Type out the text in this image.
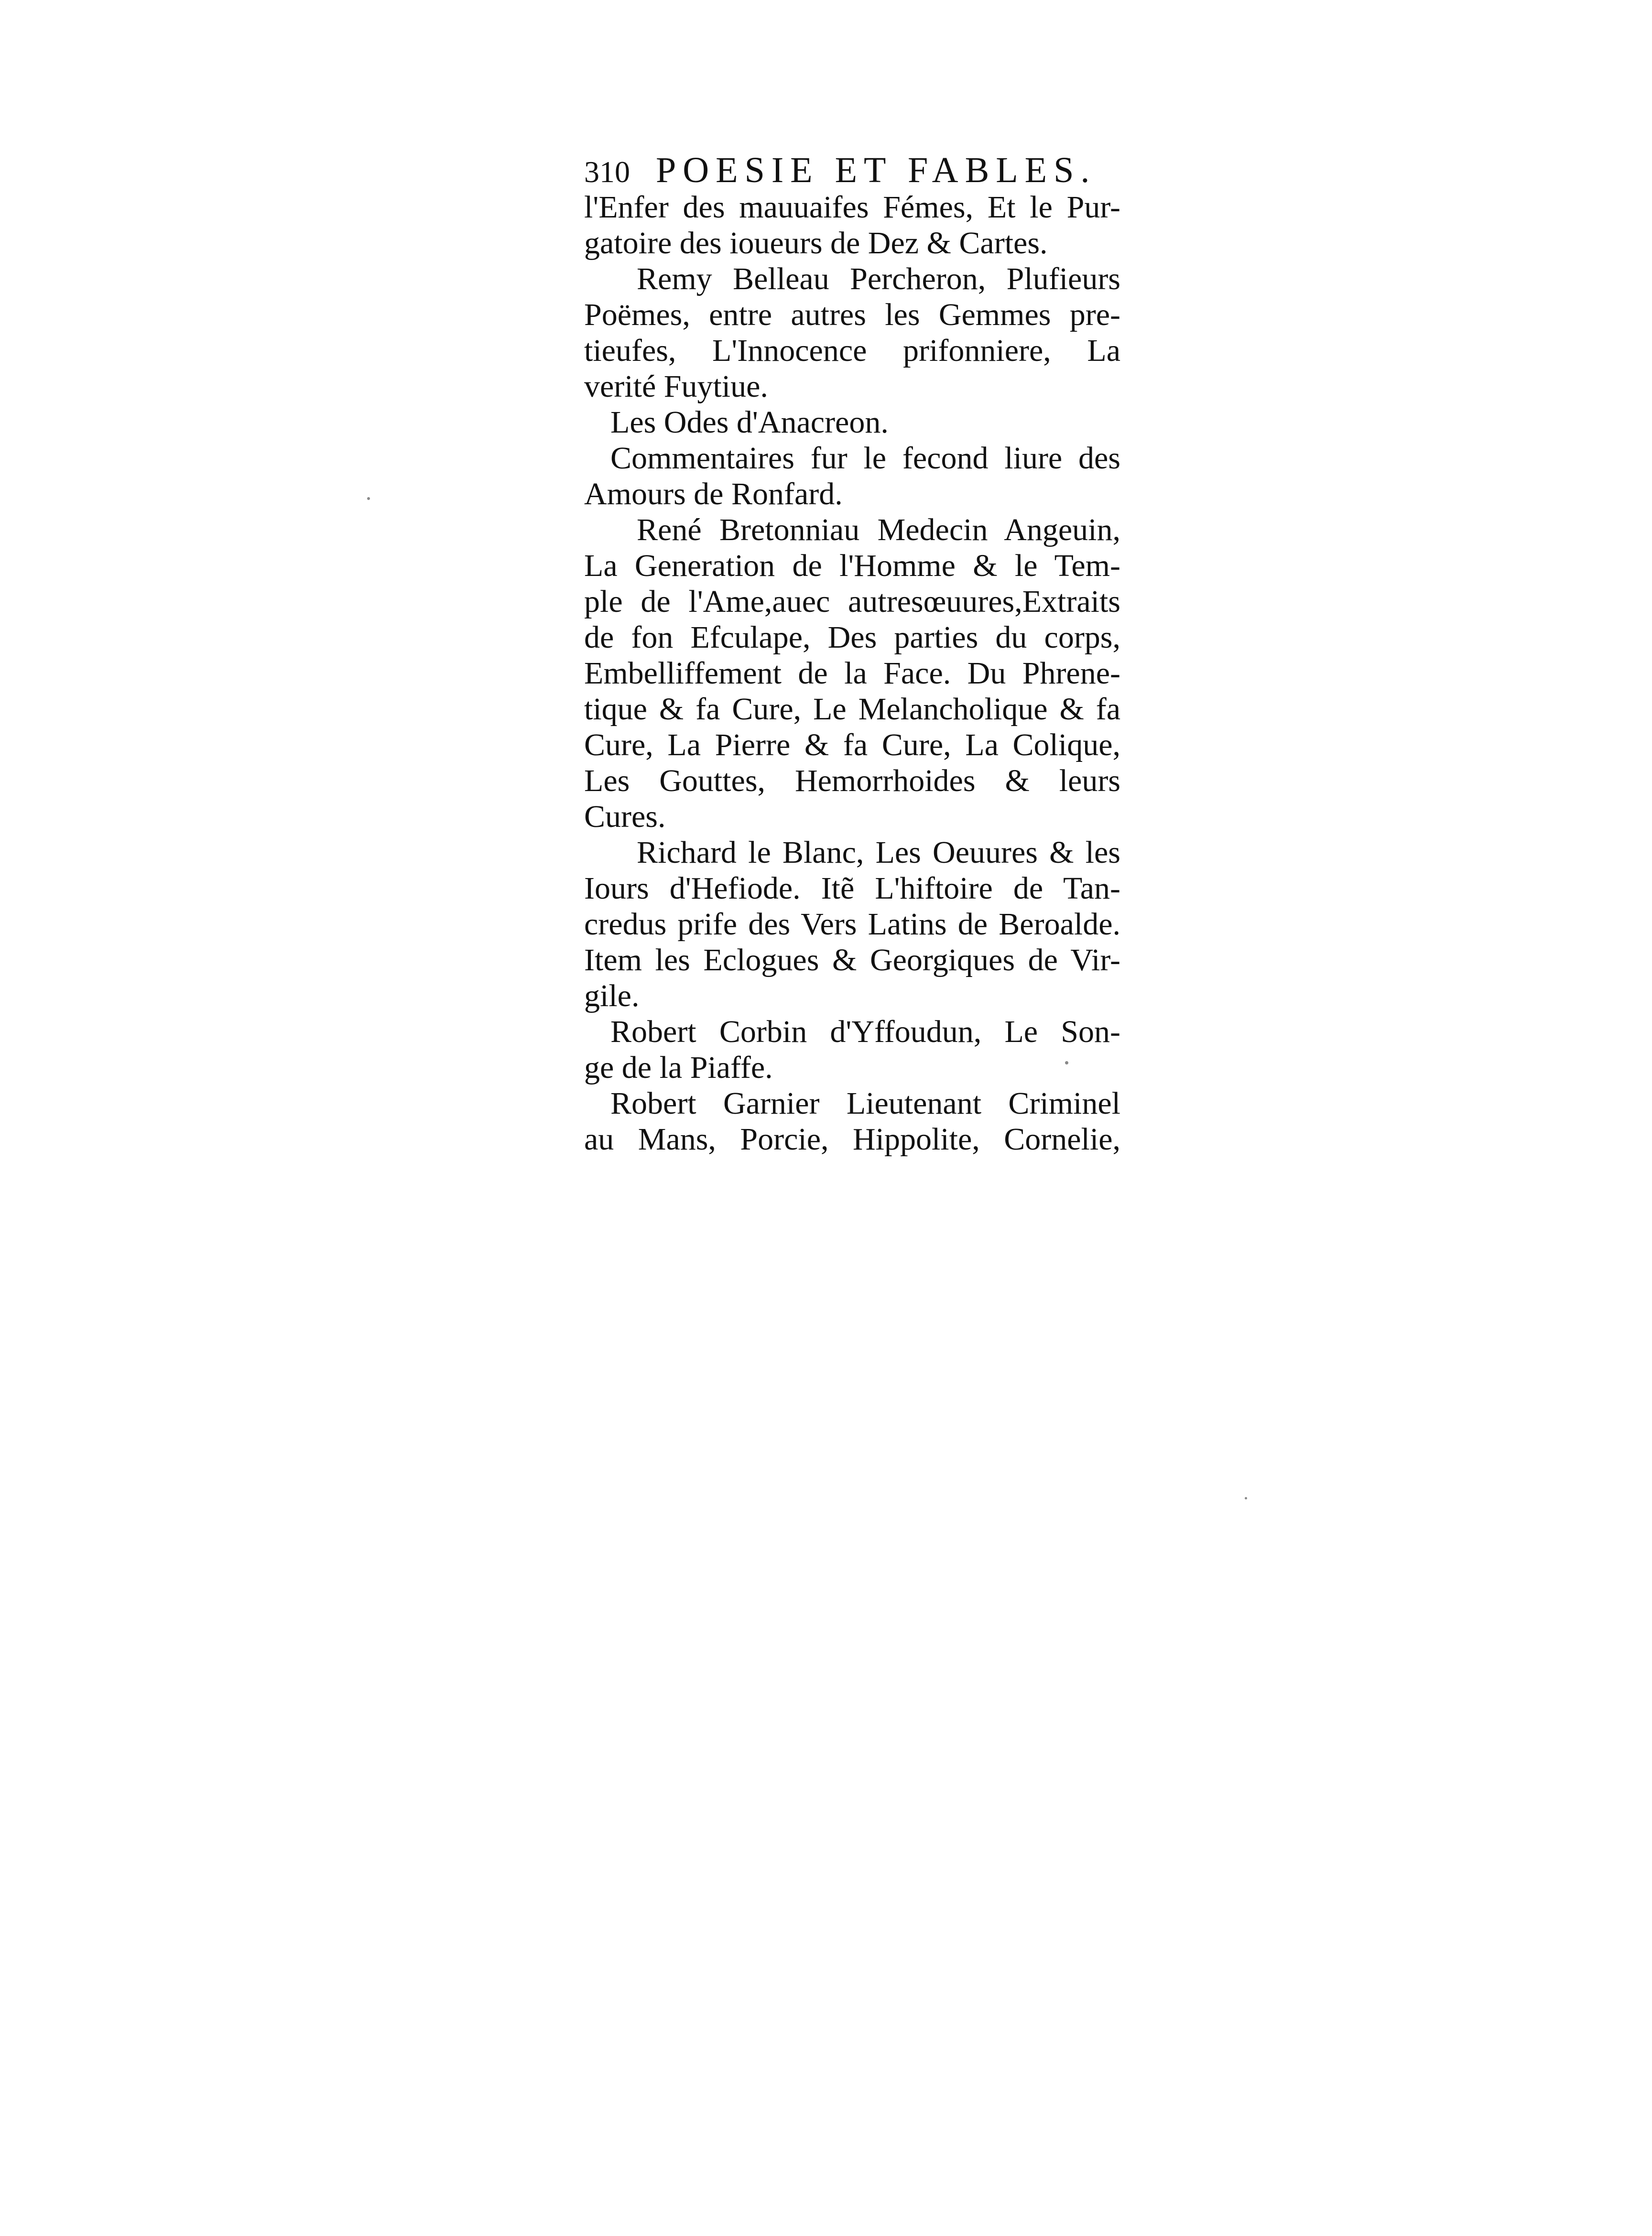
310 POESIE ET FABLES.
l'Enfer des mauuaifes Fémes, Et le Pur-
gatoire des ioueurs de Dez & Cartes.
Remy Belleau Percheron, Plufieurs
Poëmes, entre autres les Gemmes pre-
tieufes, L'Innocence prifonniere, La
verité Fuytiue.
Les Odes d'Anacreon.
Commentaires fur le fecond liure des
Amours de Ronfard.
René Bretonniau Medecin Angeuin,
La Generation de l'Homme & le Tem-
ple de l'Ame,auec autresœuures,Extraits
de fon Efculape, Des parties du corps,
Embelliffement de la Face. Du Phrene-
tique & fa Cure, Le Melancholique & fa
Cure, La Pierre & fa Cure, La Colique,
Les Gouttes, Hemorrhoides & leurs
Cures.
Richard le Blanc, Les Oeuures & les
Iours d'Hefiode. Itẽ L'hiftoire de Tan-
credus prife des Vers Latins de Beroalde.
Item les Eclogues & Georgiques de Vir-
gile.
Robert Corbin d'Yffoudun, Le Son-
ge de la Piaffe.
Robert Garnier Lieutenant Criminel
au Mans, Porcie, Hippolite, Cornelie,
